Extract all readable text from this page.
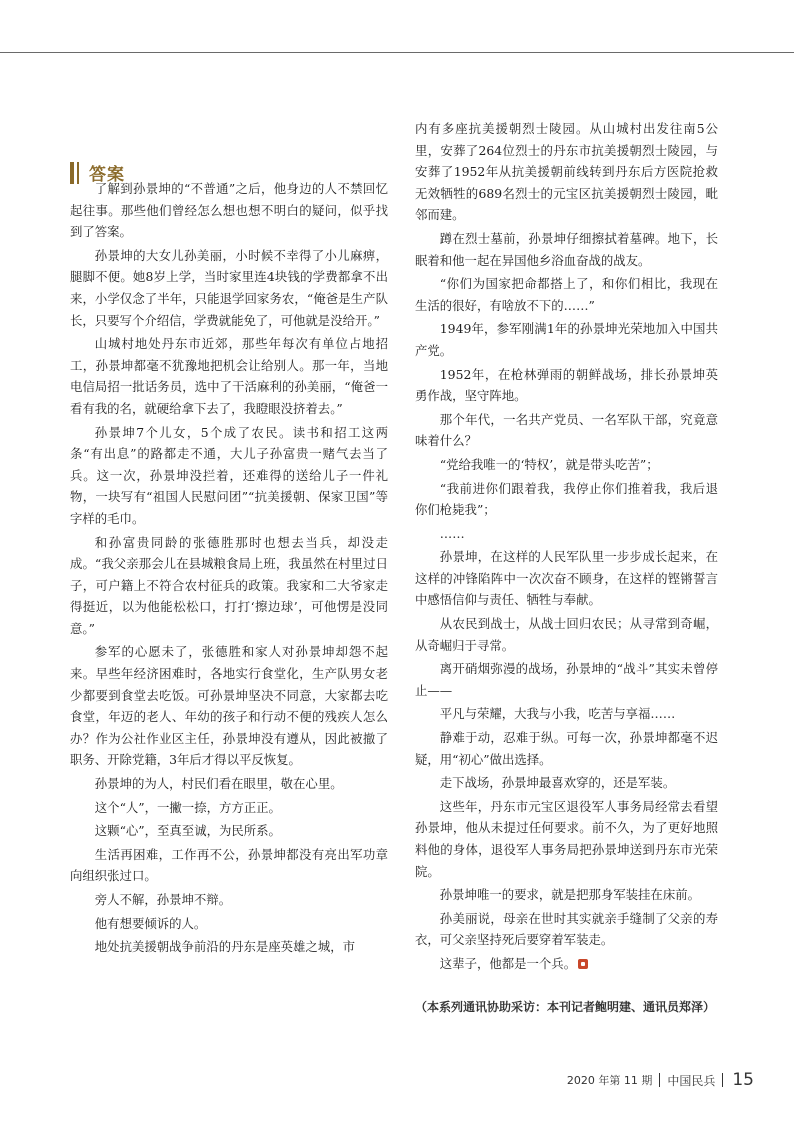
答案

了解到孙景坤的“不普通”之后，他身边的人不禁回忆起往事。那些他们曾经怎么想也想不明白的疑问，似乎找到了答案。

孙景坤的大女儿孙美丽，小时候不幸得了小儿麻痹，腿脚不便。她8岁上学，当时家里连4块钱的学费都拿不出来，小学仅念了半年，只能退学回家务农，“俺爸是生产队长，只要写个介绍信，学费就能免了，可他就是没给开。”

山城村地处丹东市近郊，那些年每次有单位占地招工，孙景坤都毫不犹豫地把机会让给别人。那一年，当地电信局招一批话务员，选中了干活麻利的孙美丽，“俺爸一看有我的名，就硬给拿下去了，我瞪眼没挤着去。”

孙景坤7个儿女，5个成了农民。读书和招工这两条“有出息”的路都走不通，大儿子孙富贵一赌气去当了兵。这一次，孙景坤没拦着，还难得的送给儿子一件礼物，一块写有“祖国人民慰问团”“抗美援朝、保家卫国”等字样的毛巾。

和孙富贵同龄的张德胜那时也想去当兵，却没走成。“我父亲那会儿在县城粮食局上班，我虽然在村里过日子，可户籍上不符合农村征兵的政策。我家和二大爷家走得挺近，以为他能松松口，打打‘擦边球’，可他愣是没同意。”

参军的心愿未了，张德胜和家人对孙景坤却怨不起来。早些年经济困难时，各地实行食堂化，生产队男女老少都要到食堂去吃饭。可孙景坤坚决不同意，大家都去吃食堂，年迈的老人、年幼的孩子和行动不便的残疾人怎么办？作为公社作业区主任，孙景坤没有遵从，因此被撤了职务、开除党籍，3年后才得以平反恢复。

孙景坤的为人，村民们看在眼里，敬在心里。

这个“人”，一撇一捺，方方正正。

这颗“心”，至真至诚，为民所系。

生活再困难，工作再不公，孙景坤都没有亮出军功章向组织张过口。

旁人不解，孙景坤不辩。

他有想要倾诉的人。

地处抗美援朝战争前沿的丹东是座英雄之城，市

内有多座抗美援朝烈士陵园。从山城村出发往南5公里，安葬了264位烈士的丹东市抗美援朝烈士陵园，与安葬了1952年从抗美援朝前线转到丹东后方医院抢救无效牺牲的689名烈士的元宝区抗美援朝烈士陵园，毗邻而建。

蹲在烈士墓前，孙景坤仔细擦拭着墓碑。地下，长眠着和他一起在异国他乡浴血奋战的战友。

“你们为国家把命都搭上了，和你们相比，我现在生活的很好，有啥放不下的……”

1949年，参军刚满1年的孙景坤光荣地加入中国共产党。

1952年，在枪林弹雨的朝鲜战场，排长孙景坤英勇作战，坚守阵地。

那个年代，一名共产党员、一名军队干部，究竟意味着什么？

“党给我唯一的‘特权’，就是带头吃苦”；

“我前进你们跟着我，我停止你们推着我，我后退你们枪毙我”；

……

孙景坤，在这样的人民军队里一步步成长起来，在这样的冲锋陷阵中一次次奋不顾身，在这样的铿锵誓言中感悟信仰与责任、牺牲与奉献。

从农民到战士，从战士回归农民；从寻常到奇崛，从奇崛归于寻常。

离开硝烟弥漫的战场，孙景坤的“战斗”其实未曾停止——

平凡与荣耀，大我与小我，吃苦与享福……

静难于动，忍难于纵。可每一次，孙景坤都毫不迟疑，用“初心”做出选择。

走下战场，孙景坤最喜欢穿的，还是军装。

这些年，丹东市元宝区退役军人事务局经常去看望孙景坤，他从未提过任何要求。前不久，为了更好地照料他的身体，退役军人事务局把孙景坤送到丹东市光荣院。

孙景坤唯一的要求，就是把那身军装挂在床前。

孙美丽说，母亲在世时其实就亲手缝制了父亲的寿衣，可父亲坚持死后要穿着军装走。

这辈子，他都是一个兵。

（本系列通讯协助采访：本刊记者鲍明建、通讯员郑泽）
2020 年第 11 期 中国民兵 15
